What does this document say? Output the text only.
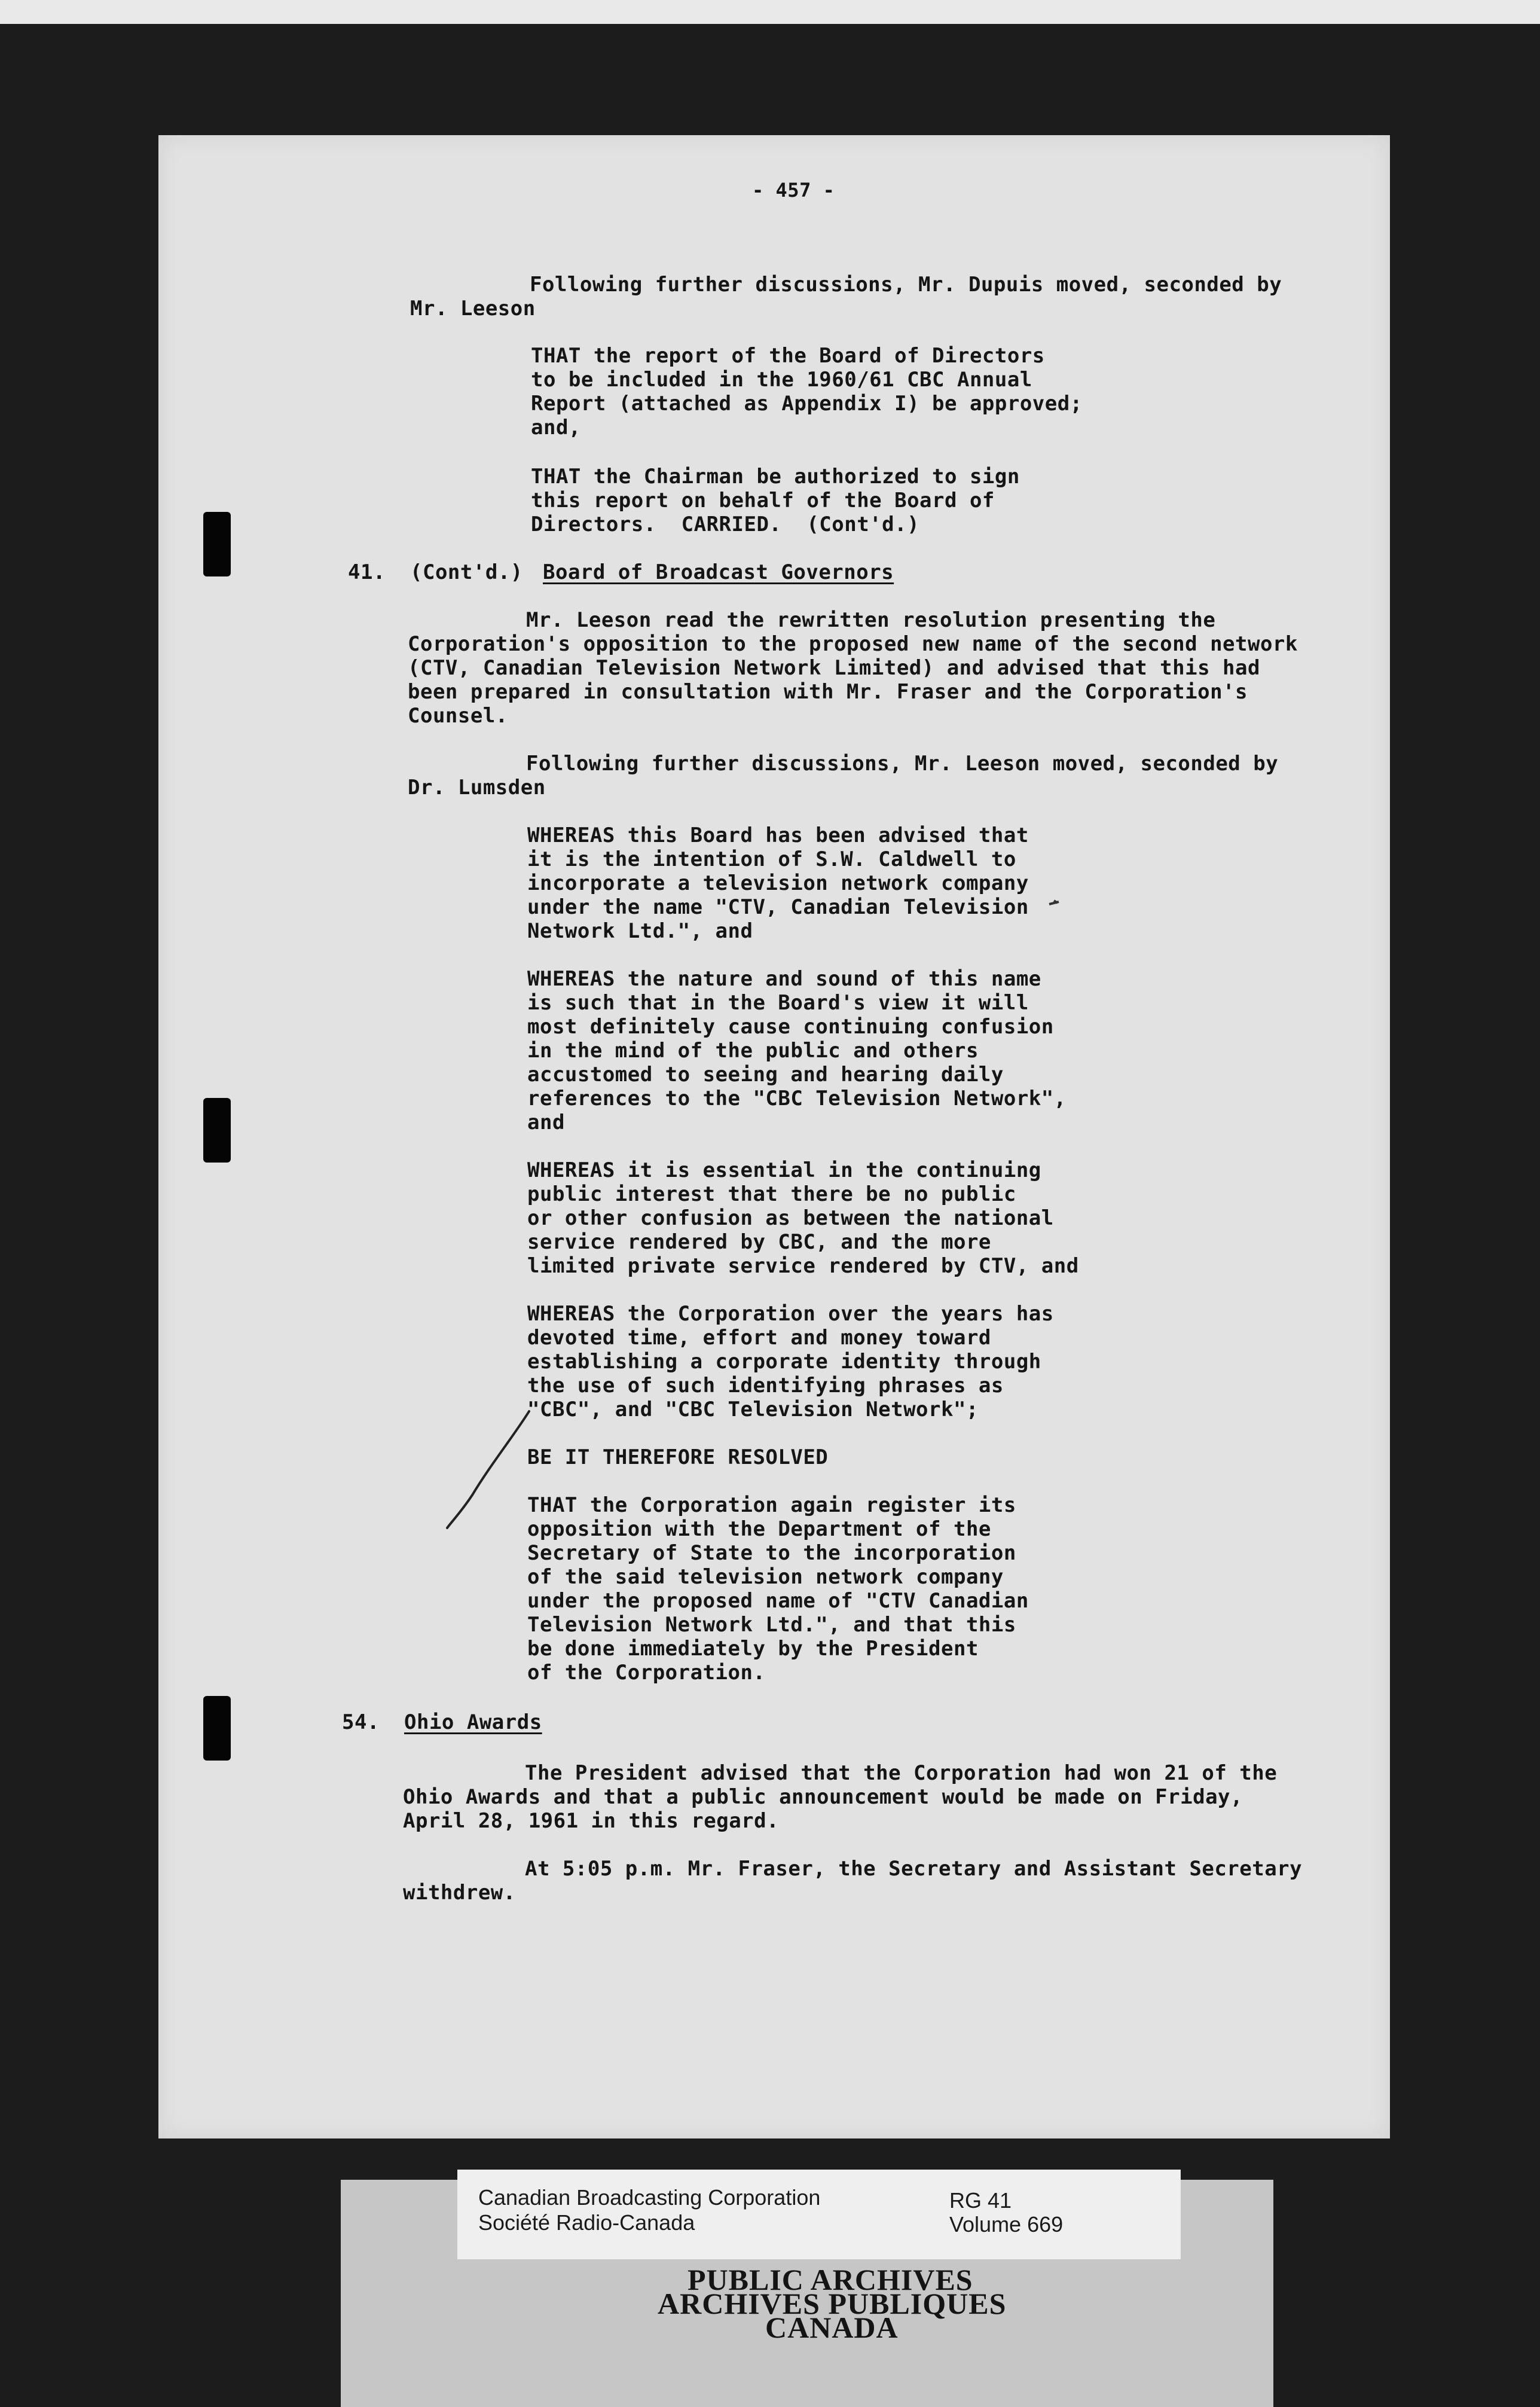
- 457 -

Following further discussions, Mr. Dupuis moved, seconded by

Mr. Leeson

THAT the report of the Board of Directors

to be included in the 1960/61 CBC Annual

Report (attached as Appendix I) be approved;

and,

THAT the Chairman be authorized to sign

this report on behalf of the Board of

Directors.  CARRIED.  (Cont'd.)

41. (Cont'd.) Board of Broadcast Governors

Mr. Leeson read the rewritten resolution presenting the

Corporation's opposition to the proposed new name of the second network

(CTV, Canadian Television Network Limited) and advised that this had

been prepared in consultation with Mr. Fraser and the Corporation's

Counsel.

Following further discussions, Mr. Leeson moved, seconded by

Dr. Lumsden

WHEREAS this Board has been advised that

it is the intention of S.W. Caldwell to

incorporate a television network company

under the name "CTV, Canadian Television

Network Ltd.", and

WHEREAS the nature and sound of this name

is such that in the Board's view it will

most definitely cause continuing confusion

in the mind of the public and others

accustomed to seeing and hearing daily

references to the "CBC Television Network",

and

WHEREAS it is essential in the continuing

public interest that there be no public

or other confusion as between the national

service rendered by CBC, and the more

limited private service rendered by CTV, and

WHEREAS the Corporation over the years has

devoted time, effort and money toward

establishing a corporate identity through

the use of such identifying phrases as

"CBC", and "CBC Television Network";

BE IT THEREFORE RESOLVED

THAT the Corporation again register its

opposition with the Department of the

Secretary of State to the incorporation

of the said television network company

under the proposed name of "CTV Canadian

Television Network Ltd.", and that this

be done immediately by the President

of the Corporation.

54. Ohio Awards

The President advised that the Corporation had won 21 of the

Ohio Awards and that a public announcement would be made on Friday,

April 28, 1961 in this regard.

At 5:05 p.m. Mr. Fraser, the Secretary and Assistant Secretary

withdrew.

Canadian Broadcasting Corporation

Société Radio-Canada

RG 41

Volume 669

PUBLIC ARCHIVES

ARCHIVES PUBLIQUES

CANADA
